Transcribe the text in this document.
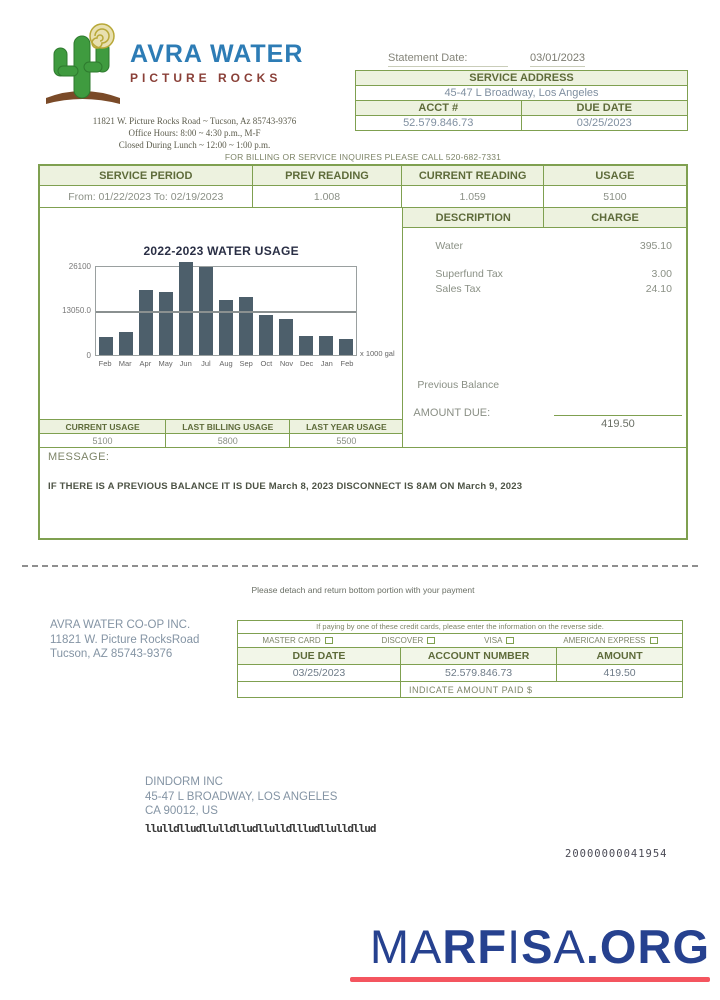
AVRA WATER
PICTURE ROCKS
11821 W. Picture Rocks Road ~ Tucson, Az 85743-9376
Office Hours: 8:00 ~ 4:30 p.m., M-F
Closed During Lunch ~ 12:00 ~ 1:00 p.m.
Statement Date:	03/01/2023
SERVICE ADDRESS
45-47 L Broadway, Los Angeles
ACCT #	DUE DATE
52.579.846.73	03/25/2023
FOR BILLING OR SERVICE INQUIRES PLEASE CALL 520-682-7331
SERVICE PERIOD	PREV READING	CURRENT READING	USAGE
From: 01/22/2023 To: 02/19/2023	1.008	1.059	5100
2022-2023 WATER USAGE
26100
13050.0
0	x 1000 gal
Feb Mar	Apr May Jun	Jul	Aug Sep	Oct	Nov Dec Jan	Feb
CURRENT USAGE	LAST BILLING USAGE	LAST YEAR USAGE
5100	5800	5500
DESCRIPTION	CHARGE
Water	395.10
Superfund Tax	3.00
Sales Tax	24.10
Previous Balance
AMOUNT DUE:
419.50
MESSAGE:
IF THERE IS A PREVIOUS BALANCE IT IS DUE March 8, 2023 DISCONNECT IS 8AM ON March 9, 2023
Please detach and return bottom portion with your payment
AVRA WATER CO-OP INC.
11821 W. Picture RocksRoad
Tucson, AZ 85743-9376
If paying by one of these credit cards, please enter the information on the reverse side.
MASTER CARD	DISCOVER	VISA	AMERICAN EXPRESS
DUE DATE	ACCOUNT NUMBER	AMOUNT
03/25/2023	52.579.846.73	419.50
INDICATE AMOUNT PAID $
DINDORM INC
45-47 L BROADWAY, LOS ANGELES
CA 90012, US
llulldlludllulldlludllulldllludllulldllud
20000000041954
MARFISA.ORG
